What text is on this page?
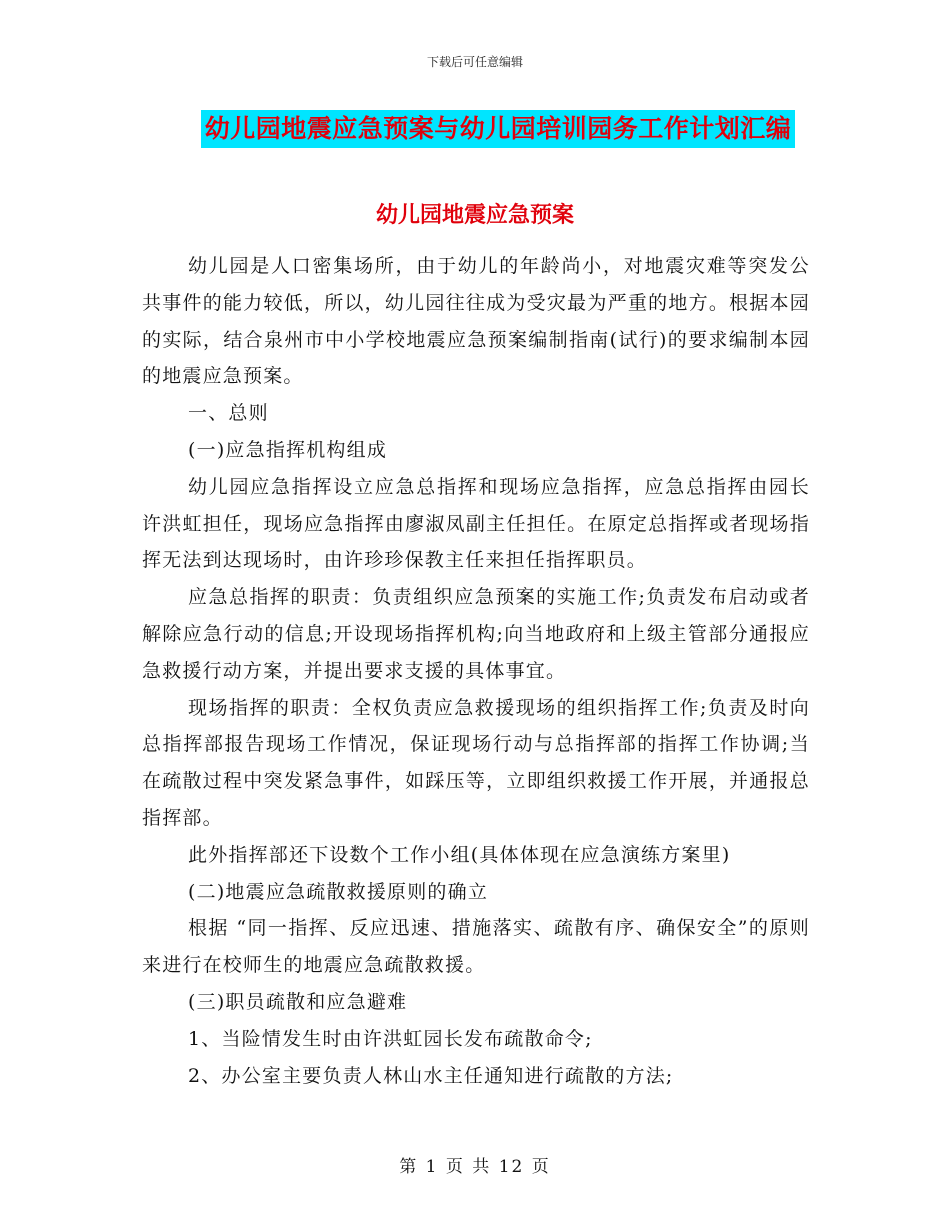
下载后可任意编辑
幼儿园地震应急预案与幼儿园培训园务工作计划汇编
幼儿园地震应急预案

幼儿园是人口密集场所，由于幼儿的年龄尚小，对地震灾难等突发公共事件的能力较低，所以，幼儿园往往成为受灾最为严重的地方。根据本园的实际，结合泉州市中小学校地震应急预案编制指南(试行)的要求编制本园的地震应急预案。

一、总则

(一)应急指挥机构组成

幼儿园应急指挥设立应急总指挥和现场应急指挥，应急总指挥由园长许洪虹担任，现场应急指挥由廖淑凤副主任担任。在原定总指挥或者现场指挥无法到达现场时，由许珍珍保教主任来担任指挥职员。

应急总指挥的职责：负责组织应急预案的实施工作;负责发布启动或者解除应急行动的信息;开设现场指挥机构;向当地政府和上级主管部分通报应急救援行动方案，并提出要求支援的具体事宜。

现场指挥的职责：全权负责应急救援现场的组织指挥工作;负责及时向总指挥部报告现场工作情况，保证现场行动与总指挥部的指挥工作协调;当在疏散过程中突发紧急事件，如踩压等，立即组织救援工作开展，并通报总指挥部。

此外指挥部还下设数个工作小组(具体体现在应急演练方案里)

(二)地震应急疏散救援原则的确立

根据 “同一指挥、反应迅速、措施落实、疏散有序、确保安全”的原则来进行在校师生的地震应急疏散救援。

(三)职员疏散和应急避难

1、当险情发生时由许洪虹园长发布疏散命令;

2、办公室主要负责人林山水主任通知进行疏散的方法;

第 1 页 共 12 页
